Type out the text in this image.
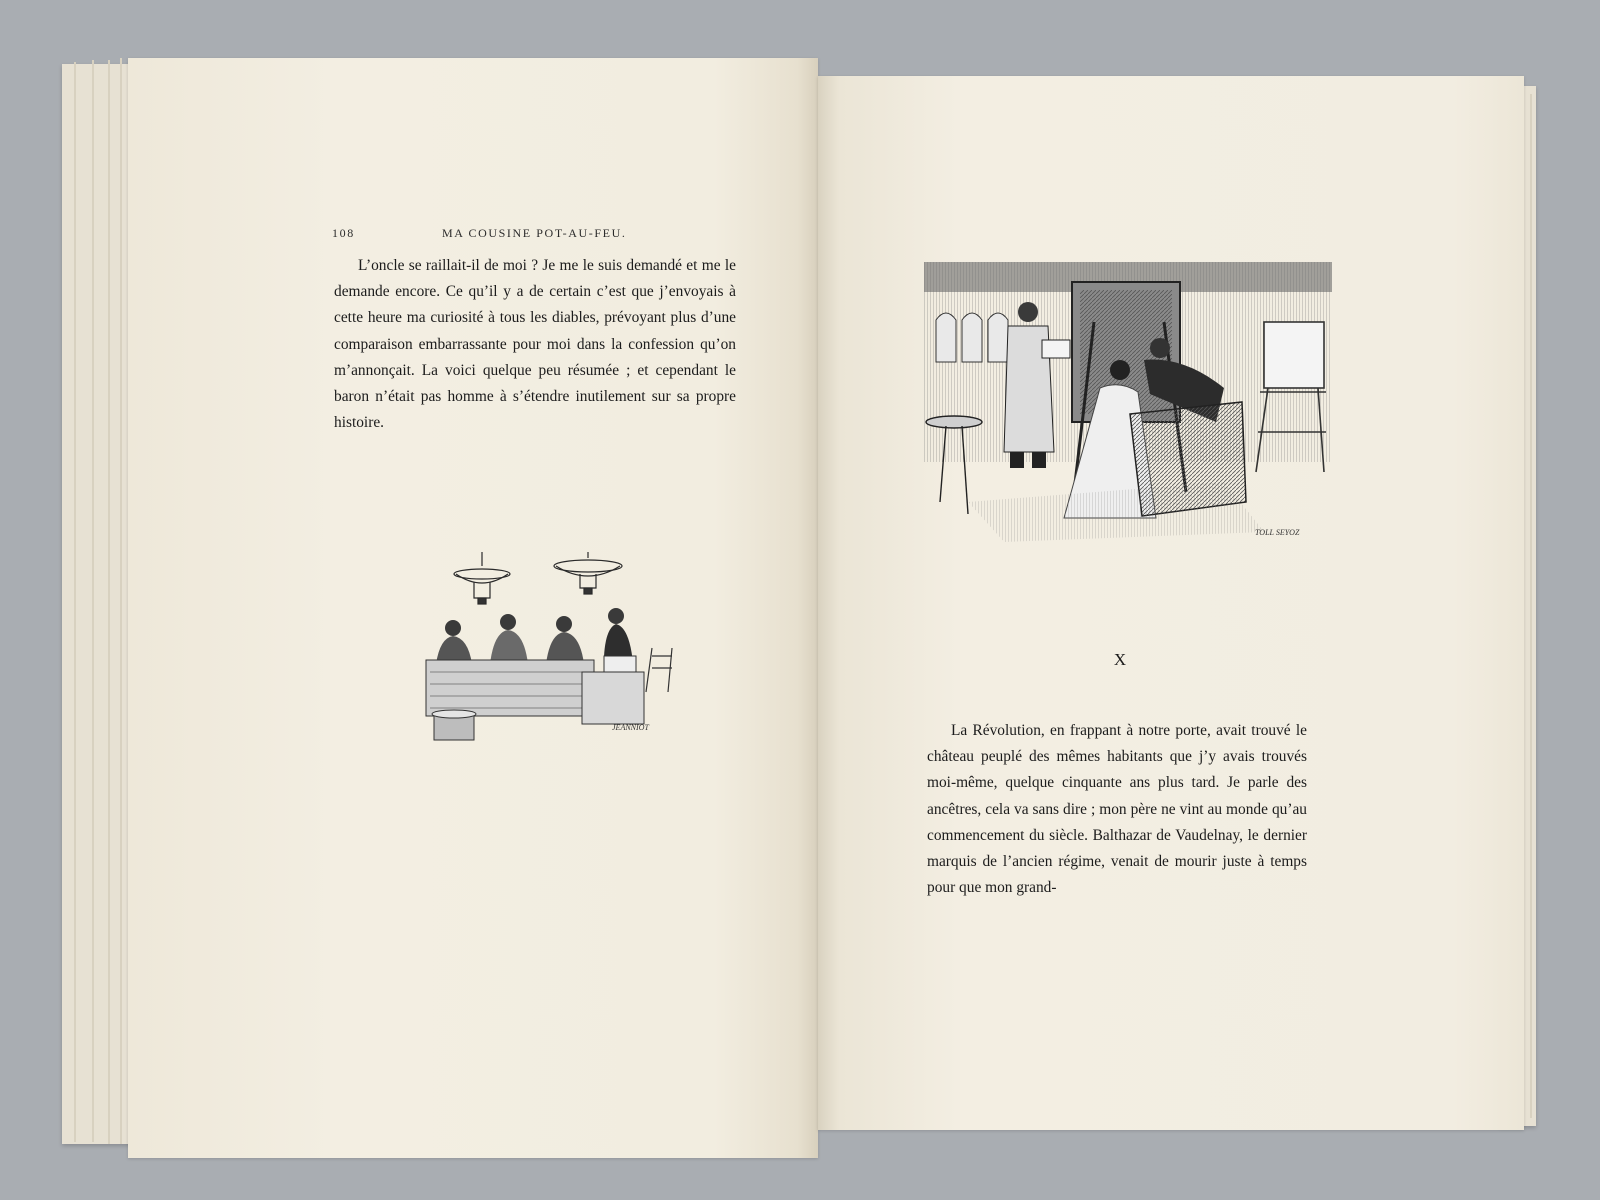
108	MA COUSINE POT-AU-FEU.

L’oncle se raillait-il de moi ? Je me le suis demandé et me le demande encore. Ce qu’il y a de certain c’est que j’envoyais à cette heure ma curiosité à tous les diables, prévoyant plus d’une comparaison embarrassante pour moi dans la confession qu’on m’annonçait. La voici quelque peu résumée ; et cependant le baron n’était pas homme à s’étendre inutilement sur sa propre histoire.

JEANNIOT
TOLL SEYOZ
X

La Révolution, en frappant à notre porte, avait trouvé le château peuplé des mêmes habitants que j’y avais trouvés moi-même, quelque cinquante ans plus tard. Je parle des ancêtres, cela va sans dire ; mon père ne vint au monde qu’au commencement du siècle. Balthazar de Vaudelnay, le dernier marquis de l’ancien régime, venait de mourir juste à temps pour que mon grand-
